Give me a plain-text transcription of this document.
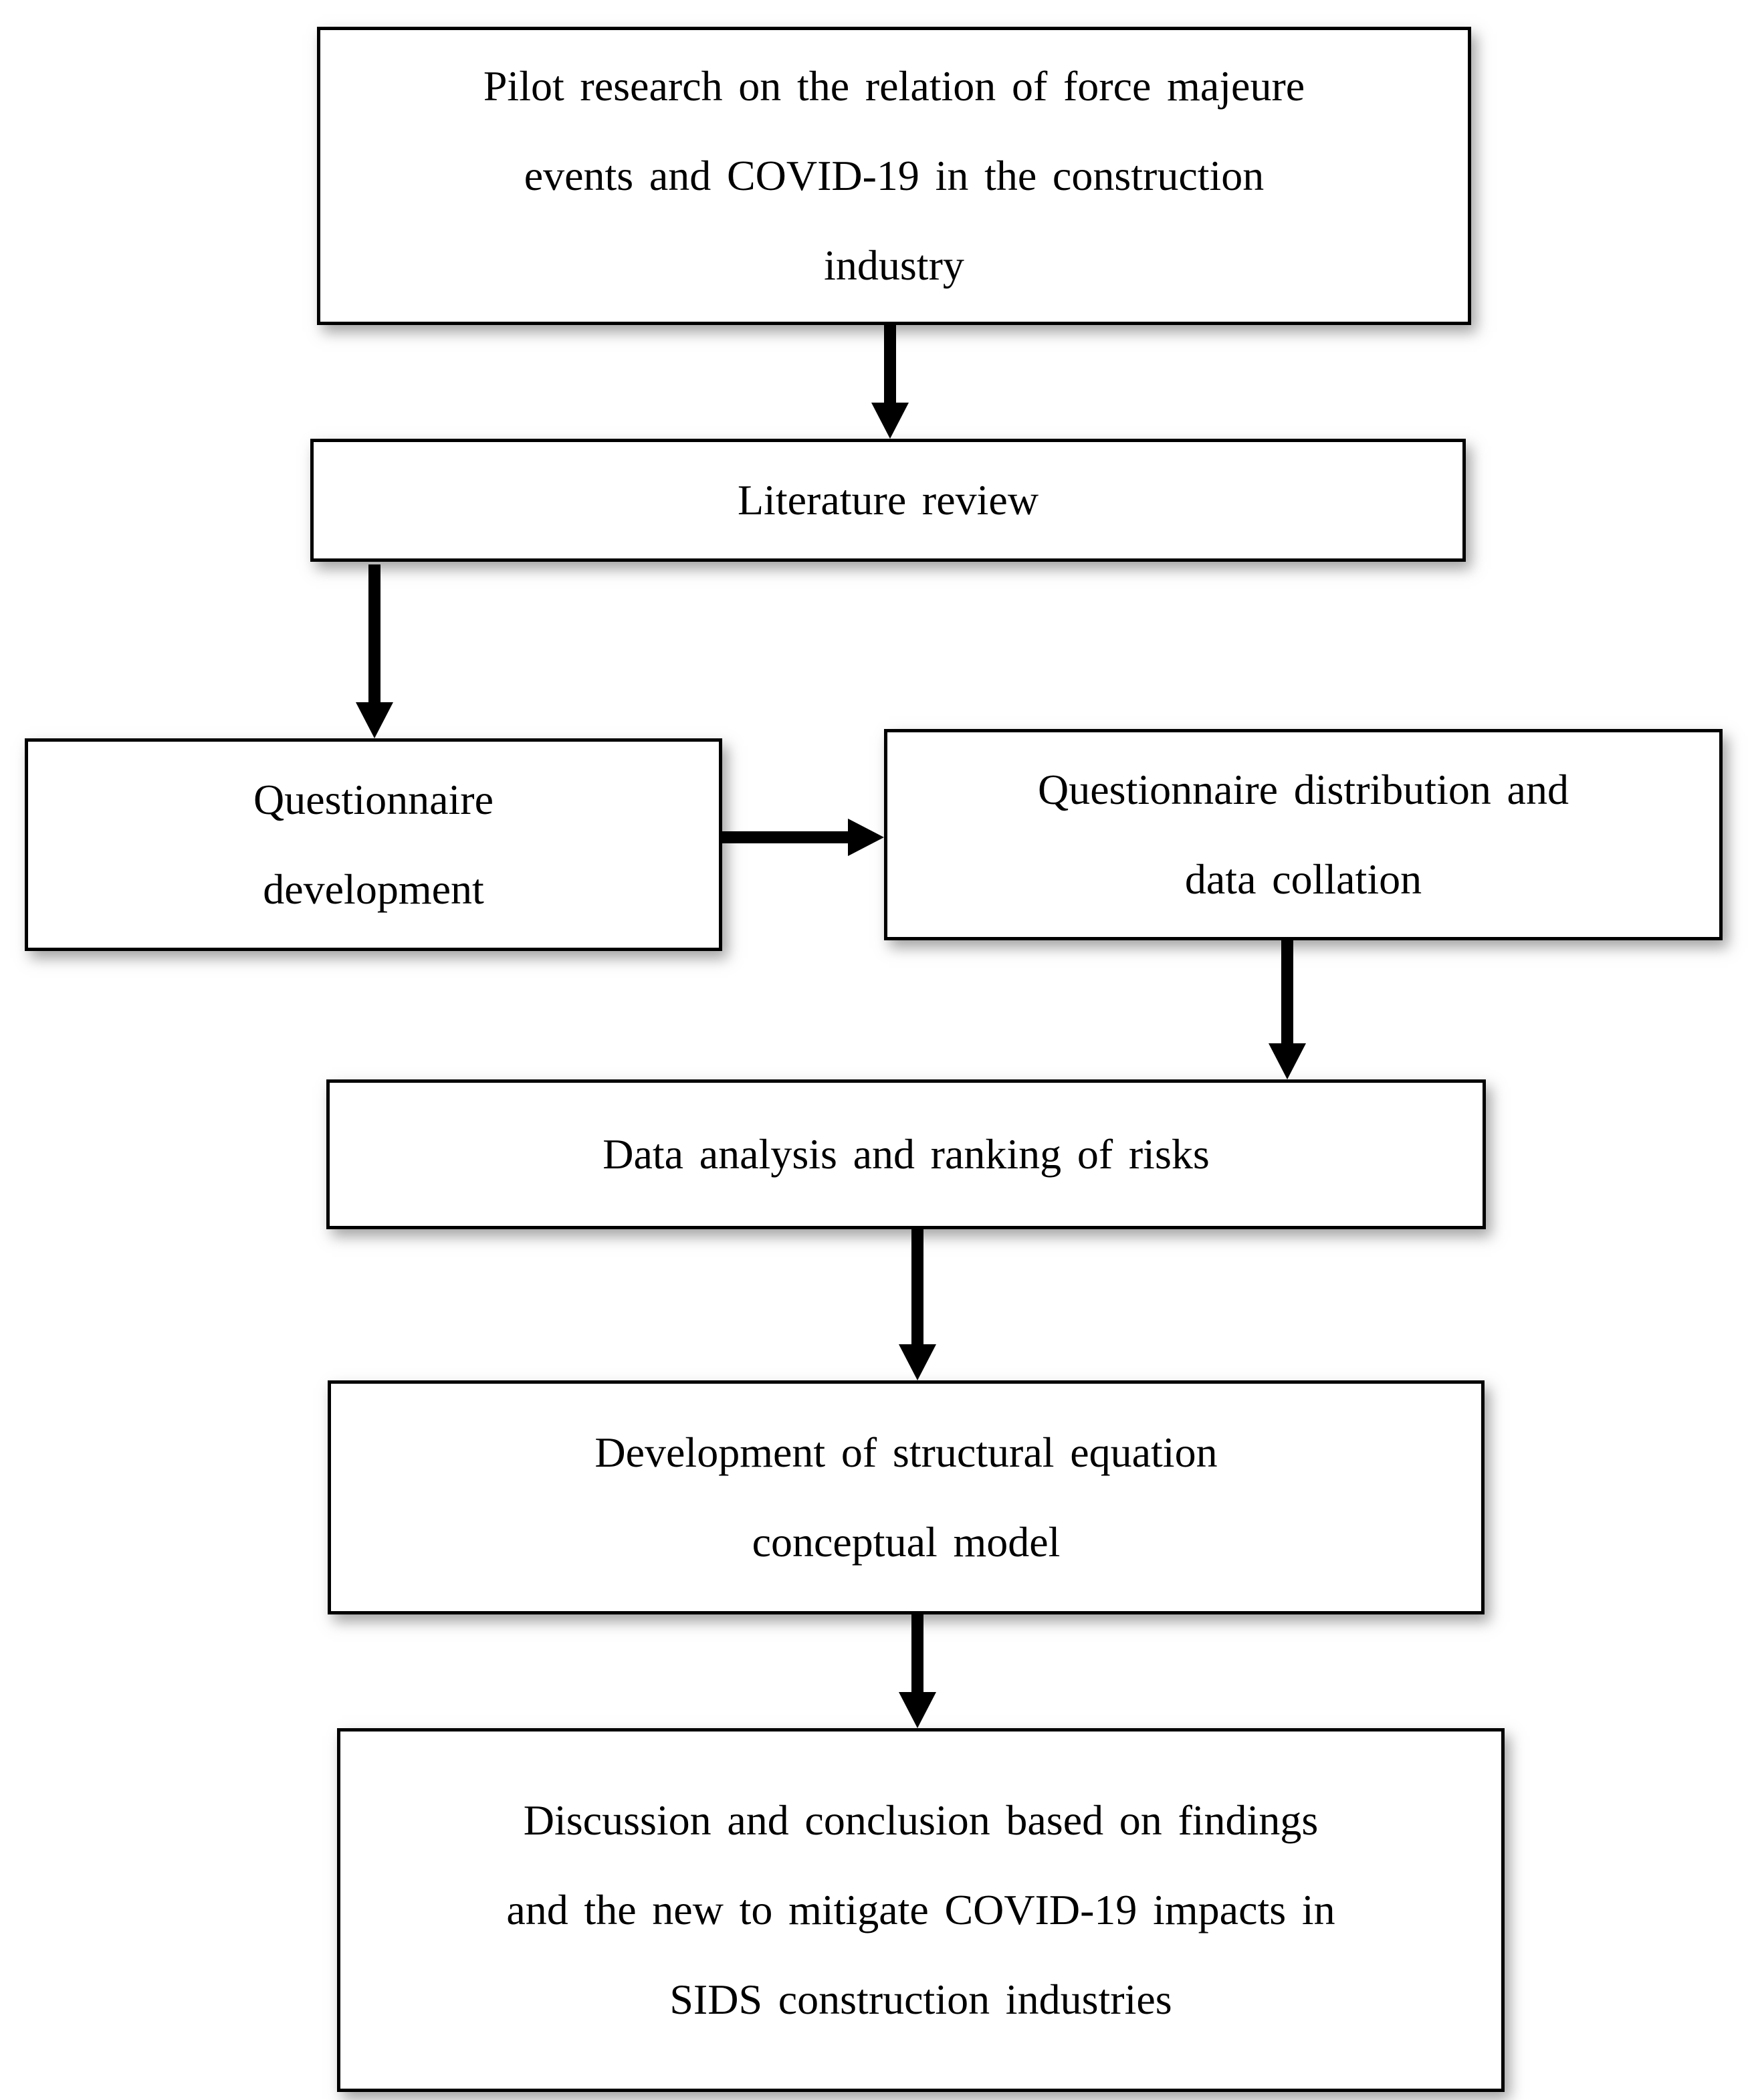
Pilot research on the relation of force majeure
events and COVID-19 in the construction
industry
Literature review
Questionnaire
development
Questionnaire distribution and
data collation
Data analysis and ranking of risks
Development of structural equation
conceptual model
Discussion and conclusion based on findings
and the new to mitigate COVID-19 impacts in
SIDS construction industries
